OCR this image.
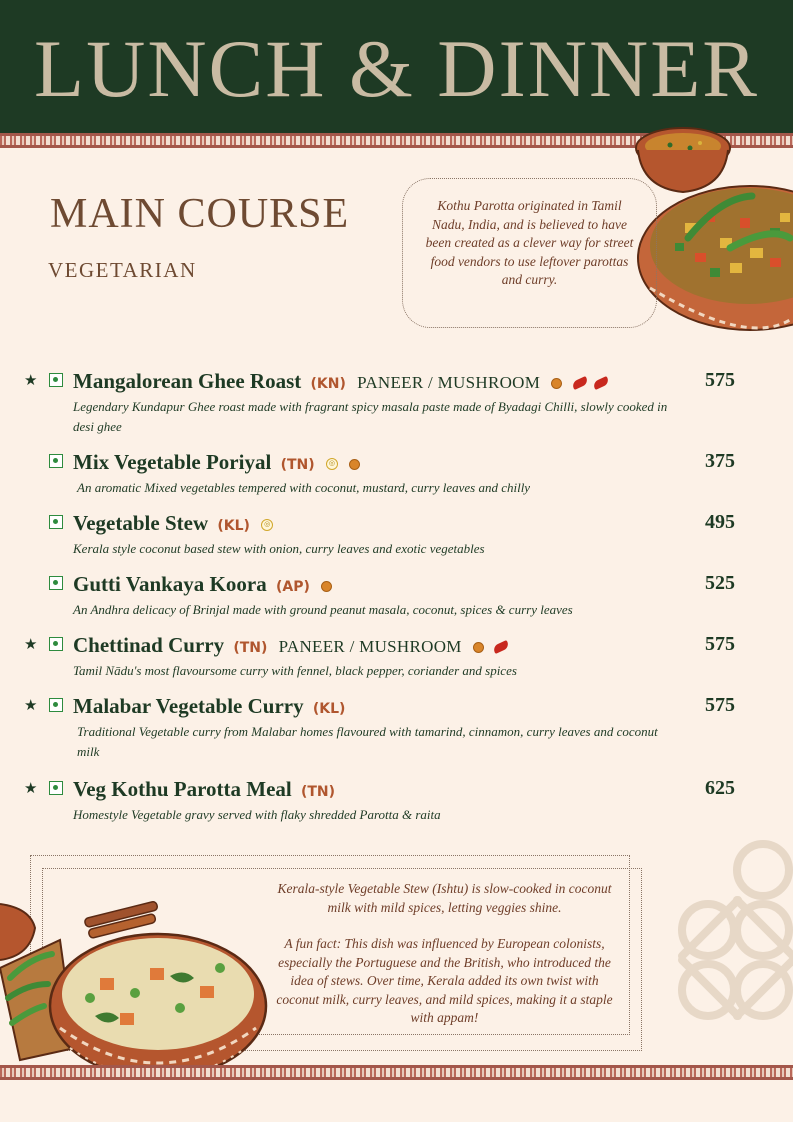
LUNCH & DINNER
MAIN COURSE
VEGETARIAN
Kothu Parotta originated in Tamil Nadu, India, and is believed to have been created as a clever way for street food vendors to use leftover parottas and curry.
★ Mangalorean Ghee Roast (KN) PANEER / MUSHROOM
Legendary Kundapur Ghee roast made with fragrant spicy masala paste made of Byadagi Chilli, slowly cooked in desi ghee
575
Mix Vegetable Poriyal (TN) ◎
An aromatic Mixed vegetables tempered with coconut, mustard, curry leaves and chilly
375
Vegetable Stew (KL) ◎
Kerala style coconut based stew with onion, curry leaves and exotic vegetables
495
Gutti Vankaya Koora (AP)
An Andhra delicacy of Brinjal made with ground peanut masala, coconut, spices & curry leaves
525
★ Chettinad Curry (TN) PANEER / MUSHROOM
Tamil Nādu's most flavoursome curry with fennel, black pepper, coriander and spices
575
★ Malabar Vegetable Curry (KL)
Traditional Vegetable curry from Malabar homes flavoured with tamarind, cinnamon, curry leaves and coconut milk
575
★ Veg Kothu Parotta Meal (TN)
Homestyle Vegetable gravy served with flaky shredded Parotta & raita
625

Kerala-style Vegetable Stew (Ishtu) is slow-cooked in coconut milk with mild spices, letting veggies shine.

A fun fact: This dish was influenced by European colonists, especially the Portuguese and the British, who introduced the idea of stews. Over time, Kerala added its own twist with coconut milk, curry leaves, and mild spices, making it a staple with appam!
